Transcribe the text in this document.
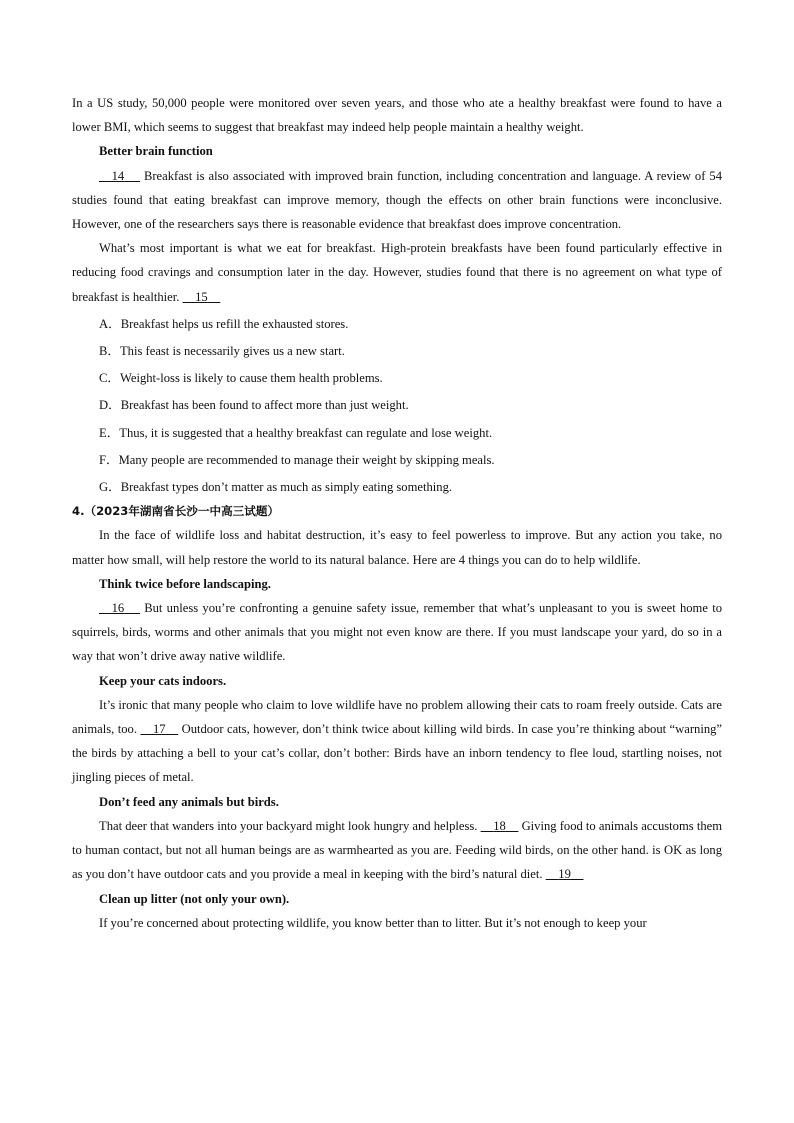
In a US study, 50,000 people were monitored over seven years, and those who ate a healthy breakfast were found to have a lower BMI, which seems to suggest that breakfast may indeed help people maintain a healthy weight.

Better brain function

14 Breakfast is also associated with improved brain function, including concentration and language. A review of 54 studies found that eating breakfast can improve memory, though the effects on other brain functions were inconclusive. However, one of the researchers says there is reasonable evidence that breakfast does improve concentration.

What’s most important is what we eat for breakfast. High-protein breakfasts have been found particularly effective in reducing food cravings and consumption later in the day. However, studies found that there is no agreement on what type of breakfast is healthier. 15

A．Breakfast helps us refill the exhausted stores.

B．This feast is necessarily gives us a new start.

C．Weight-loss is likely to cause them health problems.

D．Breakfast has been found to affect more than just weight.

E．Thus, it is suggested that a healthy breakfast can regulate and lose weight.

F．Many people are recommended to manage their weight by skipping meals.

G．Breakfast types don’t matter as much as simply eating something.

4.（2023年湖南省长沙一中高三试题）

In the face of wildlife loss and habitat destruction, it’s easy to feel powerless to improve. But any action you take, no matter how small, will help restore the world to its natural balance. Here are 4 things you can do to help wildlife.

Think twice before landscaping.

16 But unless you’re confronting a genuine safety issue, remember that what’s unpleasant to you is sweet home to squirrels, birds, worms and other animals that you might not even know are there. If you must landscape your yard, do so in a way that won’t drive away native wildlife.

Keep your cats indoors.

It’s ironic that many people who claim to love wildlife have no problem allowing their cats to roam freely outside. Cats are animals, too. 17 Outdoor cats, however, don’t think twice about killing wild birds. In case you’re thinking about “warning” the birds by attaching a bell to your cat’s collar, don’t bother: Birds have an inborn tendency to flee loud, startling noises, not jingling pieces of metal.

Don’t feed any animals but birds.

That deer that wanders into your backyard might look hungry and helpless. 18 Giving food to animals accustoms them to human contact, but not all human beings are as warmhearted as you are. Feeding wild birds, on the other hand. is OK as long as you don’t have outdoor cats and you provide a meal in keeping with the bird’s natural diet. 19

Clean up litter (not only your own).

If you’re concerned about protecting wildlife, you know better than to litter. But it’s not enough to keep your
